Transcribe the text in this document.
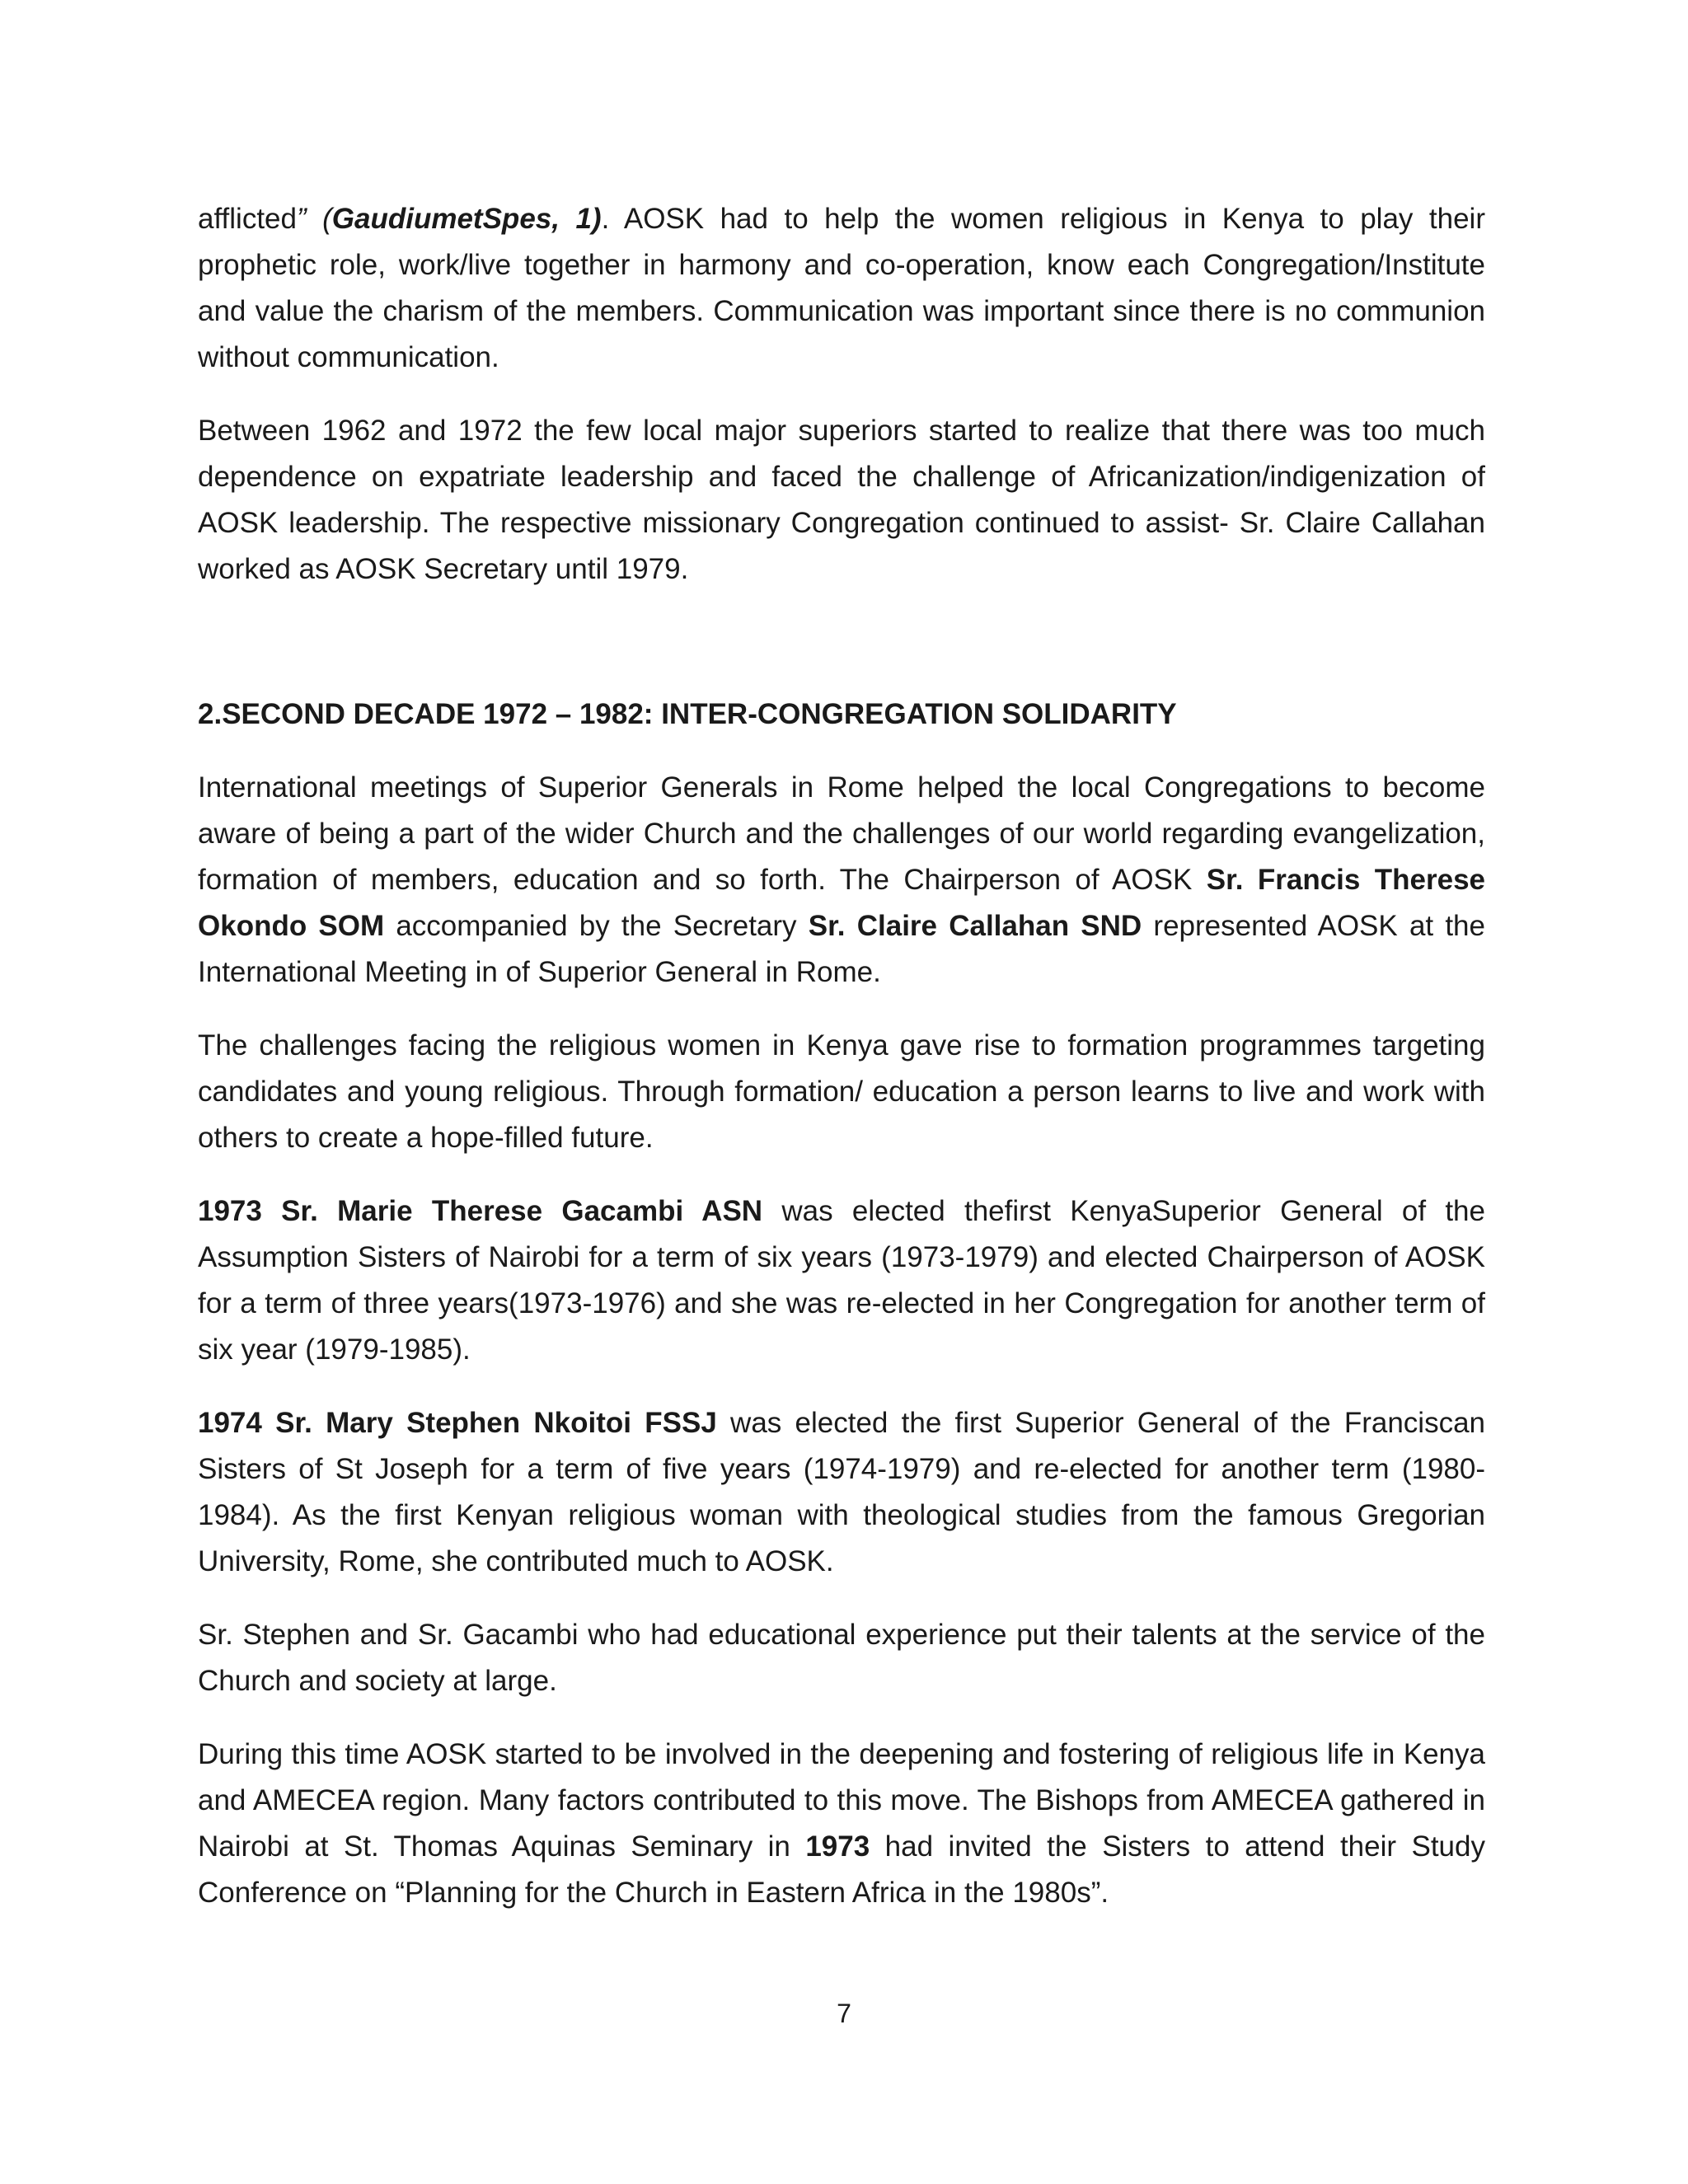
afflicted” (GaudiumetSpes, 1). AOSK had to help the women religious in Kenya to play their prophetic role, work/live together in harmony and co-operation, know each Congregation/Institute and value the charism of the members. Communication was important since there is no communion without communication.

Between 1962 and 1972 the few local major superiors started to realize that there was too much dependence on expatriate leadership and faced the challenge of Africanization/indigenization of AOSK leadership. The respective missionary Congregation continued to assist- Sr. Claire Callahan worked as AOSK Secretary until 1979.

2.SECOND DECADE 1972 – 1982: INTER-CONGREGATION SOLIDARITY

International meetings of Superior Generals in Rome helped the local Congregations to become aware of being a part of the wider Church and the challenges of our world regarding evangelization, formation of members, education and so forth. The Chairperson of AOSK Sr. Francis Therese Okondo SOM accompanied by the Secretary Sr. Claire Callahan SND represented AOSK at the International Meeting in of Superior General in Rome.

The challenges facing the religious women in Kenya gave rise to formation programmes targeting candidates and young religious. Through formation/ education a person learns to live and work with others to create a hope-filled future.

1973 Sr. Marie Therese Gacambi ASN was elected thefirst KenyaSuperior General of the Assumption Sisters of Nairobi for a term of six years (1973-1979) and elected Chairperson of AOSK for a term of three years(1973-1976) and she was re-elected in her Congregation for another term of six year (1979-1985).

1974 Sr. Mary Stephen Nkoitoi FSSJ was elected the first Superior General of the Franciscan Sisters of St Joseph for a term of five years (1974-1979) and re-elected for another term (1980-1984). As the first Kenyan religious woman with theological studies from the famous Gregorian University, Rome, she contributed much to AOSK.

Sr. Stephen and Sr. Gacambi who had educational experience put their talents at the service of the Church and society at large.

During this time AOSK started to be involved in the deepening and fostering of religious life in Kenya and AMECEA region. Many factors contributed to this move. The Bishops from AMECEA gathered in Nairobi at St. Thomas Aquinas Seminary in 1973 had invited the Sisters to attend their Study Conference on “Planning for the Church in Eastern Africa in the 1980s”.

7
